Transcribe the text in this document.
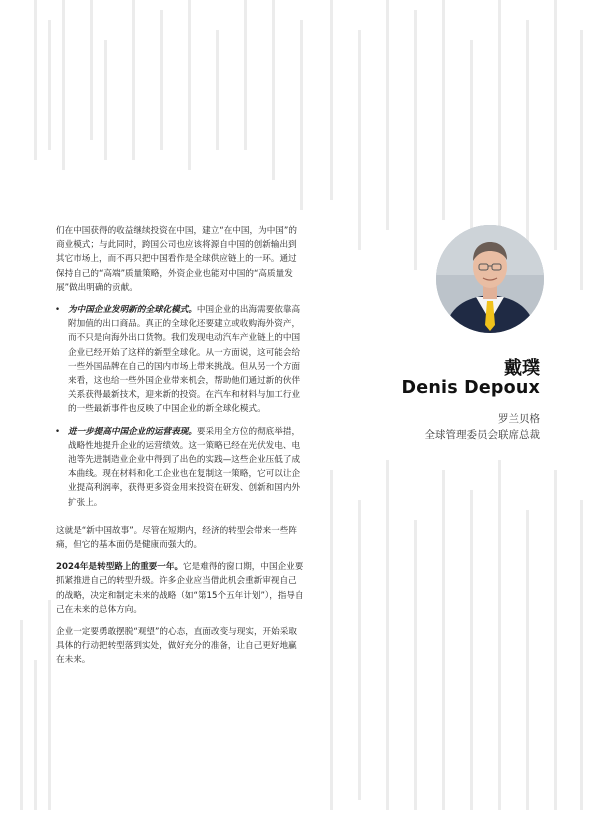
们在中国获得的收益继续投资在中国，建立“在中国，为中国”的商业模式；与此同时，跨国公司也应该将源自中国的创新输出到其它市场上，而不再只把中国看作是全球供应链上的一环。通过保持自己的“高端”质量策略，外资企业也能对中国的“高质量发展”做出明确的贡献。

• 为中国企业发明新的全球化模式。中国企业的出海需要依靠高附加值的出口商品。真正的全球化还要建立或收购海外资产，而不只是向海外出口货物。我们发现电动汽车产业链上的中国企业已经开始了这样的新型全球化。从一方面说，这可能会给一些外国品牌在自己的国内市场上带来挑战。但从另一个方面来看，这也给一些外国企业带来机会，帮助他们通过新的伙伴关系获得最新技术，迎来新的投资。在汽车和材料与加工行业的一些最新事件也反映了中国企业的新全球化模式。
• 进一步提高中国企业的运营表现。要采用全方位的彻底举措，战略性地提升企业的运营绩效。这一策略已经在光伏发电、电池等先进制造业企业中得到了出色的实践—这些企业压低了成本曲线。现在材料和化工企业也在复制这一策略，它可以让企业提高利润率，获得更多资金用来投资在研发、创新和国内外扩张上。

这就是“新中国故事”。尽管在短期内，经济的转型会带来一些阵痛，但它的基本面仍是健康而强大的。

2024年是转型路上的重要一年。它是难得的窗口期，中国企业要抓紧推进自己的转型升级。许多企业应当借此机会重新审视自己的战略，决定和制定未来的战略（如“第15个五年计划”），指导自己在未来的总体方向。

企业一定要勇敢摆脱“观望”的心态，直面改变与现实，开始采取具体的行动把转型落到实处，做好充分的准备，让自己更好地赢在未来。

戴璞
Denis Depoux
罗兰贝格
全球管理委员会联席总裁
